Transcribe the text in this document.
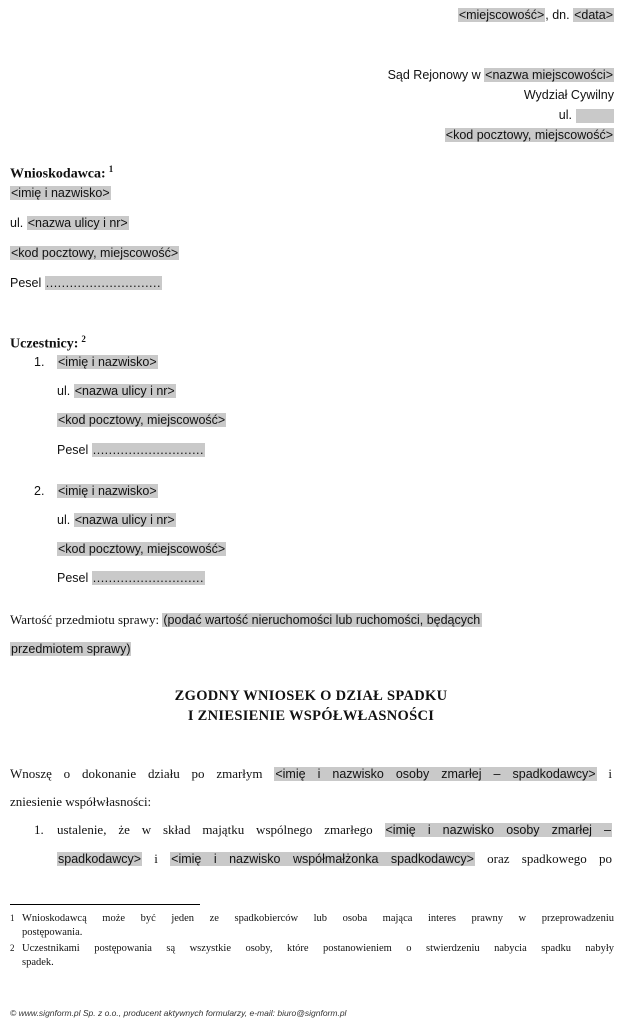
<miejscowość>, dn. <data>
Sąd Rejonowy w <nazwa miejscowości>
Wydział Cywilny
ul.
<kod pocztowy, miejscowość>
Wnioskodawca: $^1$
<imię i nazwisko>
ul. <nazwa ulicy i nr>
<kod pocztowy, miejscowość>
Pesel .............................
Uczestnicy: $^2$
1. <imię i nazwisko>
ul. <nazwa ulicy i nr>
<kod pocztowy, miejscowość>
Pesel ............................
2. <imię i nazwisko>
ul. <nazwa ulicy i nr>
<kod pocztowy, miejscowość>
Pesel ............................
Wartość przedmiotu sprawy: (podać wartość nieruchomości lub ruchomości, będących
przedmiotem sprawy)
ZGODNY WNIOSEK O DZIAŁ SPADKU
I ZNIESIENIE WSPÓŁWŁASNOŚCI
Wnoszę o dokonanie działu po zmarłym <imię i nazwisko osoby zmarłej – spadkodawcy> i
zniesienie współwłasności:
1. ustalenie, że w skład majątku wspólnego zmarłego <imię i nazwisko osoby zmarłej –
spadkodawcy> i <imię i nazwisko współmałżonka spadkodawcy> oraz spadkowego po
1 Wnioskodawcą może być jeden ze spadkobierców lub osoba mająca interes prawny w przeprowadzeniu
postępowania.
2 Uczestnikami postępowania są wszystkie osoby, które postanowieniem o stwierdzeniu nabycia spadku nabyły
spadek.
© www.signform.pl Sp. z o.o., producent aktywnych formularzy, e-mail: biuro@signform.pl
